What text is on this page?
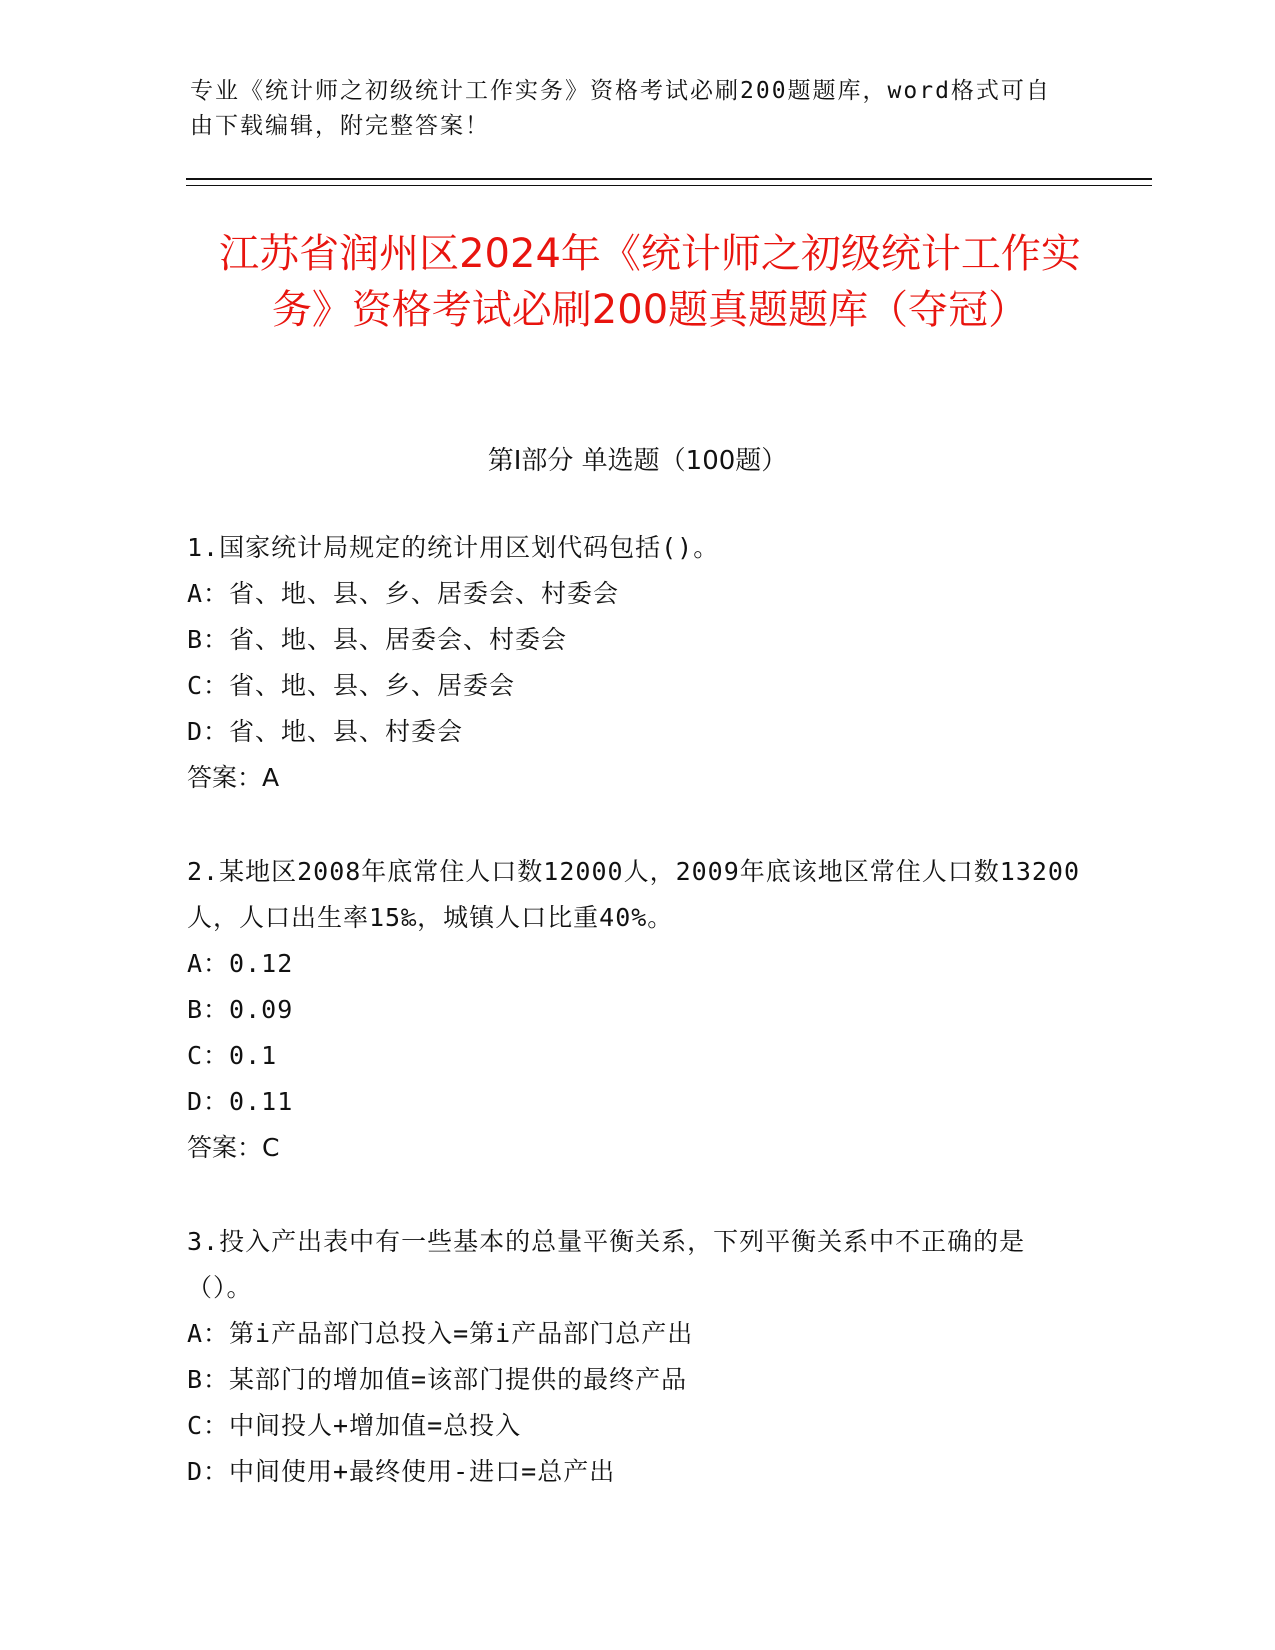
专业《统计师之初级统计工作实务》资格考试必刷200题题库，word格式可自由下载编辑，附完整答案！
江苏省润州区2024年《统计师之初级统计工作实务》资格考试必刷200题真题题库（夺冠）
第Ⅰ部分 单选题（100题）
1.国家统计局规定的统计用区划代码包括()。
A：省、地、县、乡、居委会、村委会
B：省、地、县、居委会、村委会
C：省、地、县、乡、居委会
D：省、地、县、村委会
答案：A
2.某地区2008年底常住人口数12000人，2009年底该地区常住人口数13200人，人口出生率15‰，城镇人口比重40%。
A：0.12
B：0.09
C：0.1
D：0.11
答案：C
3.投入产出表中有一些基本的总量平衡关系，下列平衡关系中不正确的是（）。
A：第i产品部门总投入=第i产品部门总产出
B：某部门的增加值=该部门提供的最终产品
C：中间投人+增加值=总投入
D：中间使用+最终使用-进口=总产出
